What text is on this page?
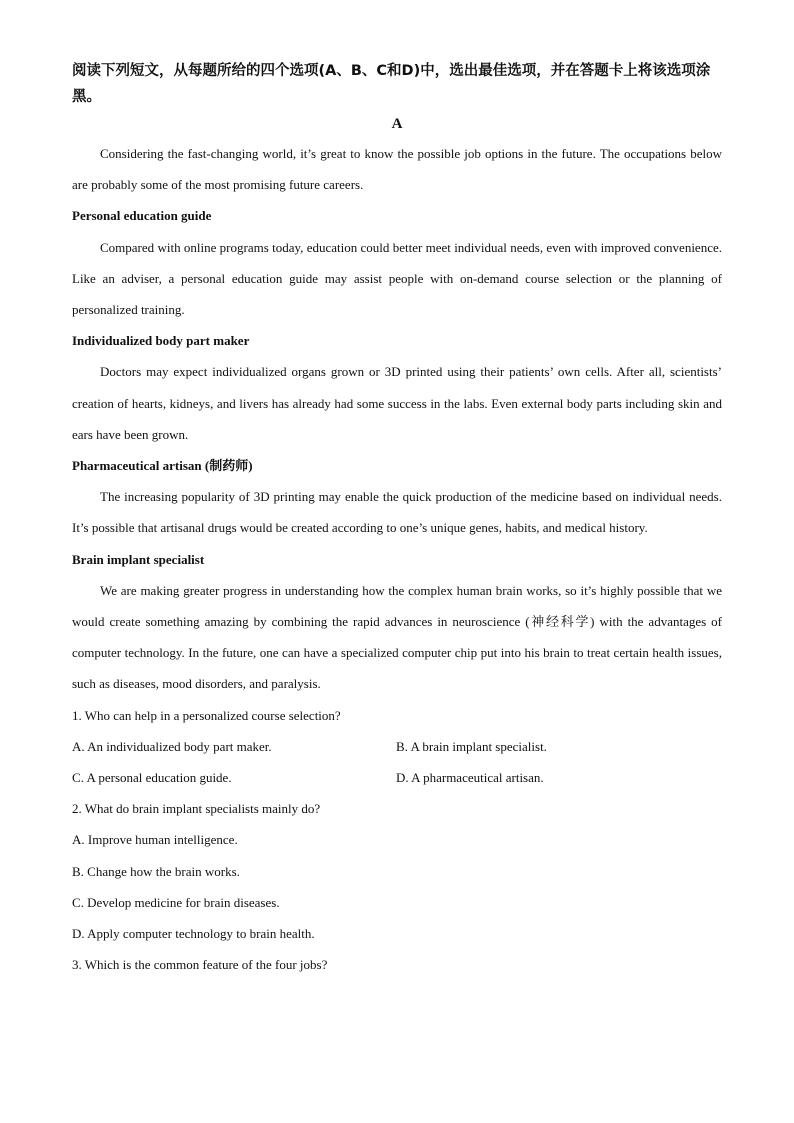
阅读下列短文，从每题所给的四个选项(A、B、C和D)中，选出最佳选项，并在答题卡上将该选项涂黑。

A

Considering the fast-changing world, it’s great to know the possible job options in the future. The occupations below are probably some of the most promising future careers.

Personal education guide

Compared with online programs today, education could better meet individual needs, even with improved convenience. Like an adviser, a personal education guide may assist people with on-demand course selection or the planning of personalized training.

Individualized body part maker

Doctors may expect individualized organs grown or 3D printed using their patients’ own cells. After all, scientists’ creation of hearts, kidneys, and livers has already had some success in the labs. Even external body parts including skin and ears have been grown.

Pharmaceutical artisan (制药师)

The increasing popularity of 3D printing may enable the quick production of the medicine based on individual needs. It’s possible that artisanal drugs would be created according to one’s unique genes, habits, and medical history.

Brain implant specialist

We are making greater progress in understanding how the complex human brain works, so it’s highly possible that we would create something amazing by combining the rapid advances in neuroscience (神经科学) with the advantages of computer technology. In the future, one can have a specialized computer chip put into his brain to treat certain health issues, such as diseases, mood disorders, and paralysis.

1. Who can help in a personalized course selection?

A. An individualized body part maker.	B. A brain implant specialist.
C. A personal education guide.	D. A pharmaceutical artisan.

2. What do brain implant specialists mainly do?

A. Improve human intelligence.

B. Change how the brain works.

C. Develop medicine for brain diseases.

D. Apply computer technology to brain health.

3. Which is the common feature of the four jobs?
